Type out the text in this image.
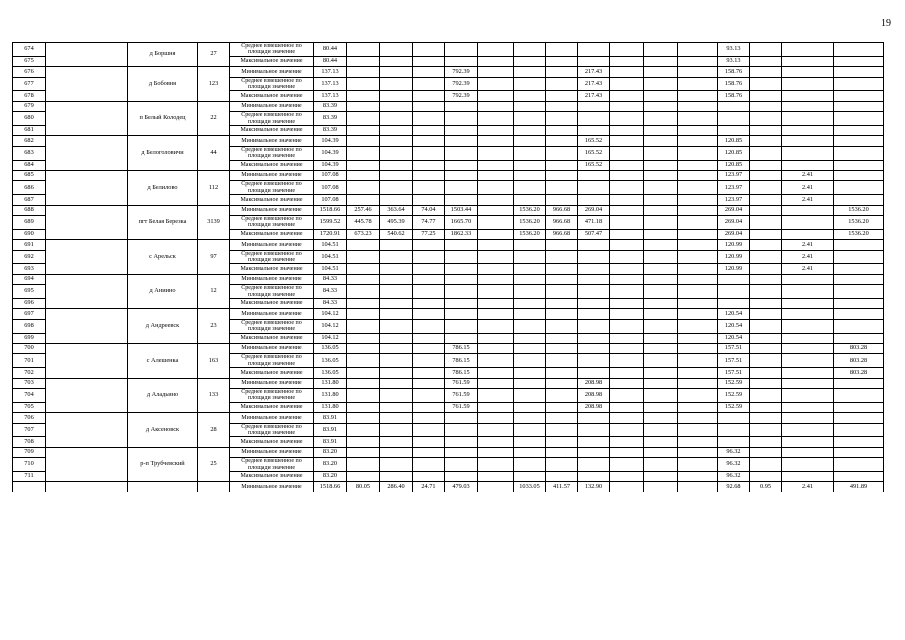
19
674		д Боршня	27	Среднее взвешенное по площади значение	80.44												93.13			
675				Максимальное значение	80.44												93.13			
676		д Бобовня	123	Минимальное значение	137.13				792.39				217.43				158.76			
677				Среднее взвешенное по площади значение	137.13				792.39				217.43				158.76			
678				Максимальное значение	137.13				792.39				217.43				158.76			
679		п Белый Колодец	22	Минимальное значение	83.39															
680				Среднее взвешенное по площади значение	83.39															
681				Максимальное значение	83.39															
682		д Белоголовичи	44	Минимальное значение	104.39								165.52				120.85			
683				Среднее взвешенное по площади значение	104.39								165.52				120.85			
684				Максимальное значение	104.39								165.52				120.85			
685		д Белилово	112	Минимальное значение	107.08												123.97		2.41	
686				Среднее взвешенное по площади значение	107.08												123.97		2.41	
687				Максимальное значение	107.08												123.97		2.41	
688		пгт Белая Березка	3139	Минимальное значение	1518.66	257.46	363.64	74.04	1503.44		1536.20	966.68	269.04				269.04			1536.20
689				Среднее взвешенное по площади значение	1599.52	445.78	495.39	74.77	1665.70		1536.20	966.68	471.18				269.04			1536.20
690				Максимальное значение	1720.91	673.23	540.62	77.25	1862.33		1536.20	966.68	507.47				269.04			1536.20
691		с Арельск	97	Минимальное значение	104.51												120.99		2.41	
692				Среднее взвешенное по площади значение	104.51												120.99		2.41	
693				Максимальное значение	104.51												120.99		2.41	
694		д Аниино	12	Минимальное значение	84.33															
695				Среднее взвешенное по площади значение	84.33															
696				Максимальное значение	84.33															
697		д Андреевск	23	Минимальное значение	104.12												120.54			
698				Среднее взвешенное по площади значение	104.12												120.54			
699				Максимальное значение	104.12												120.54			
700		с Алешенка	163	Минимальное значение	136.05				786.15								157.51			803.28
701				Среднее взвешенное по площади значение	136.05				786.15								157.51			803.28
702				Максимальное значение	136.05				786.15								157.51			803.28
703		д Аладьино	133	Минимальное значение	131.80				761.59				208.98				152.59			
704				Среднее взвешенное по площади значение	131.80				761.59				208.98				152.59			
705				Максимальное значение	131.80				761.59				208.98				152.59			
706		д Аксеновск	28	Минимальное значение	83.91															
707				Среднее взвешенное по площади значение	83.91															
708				Максимальное значение	83.91															
709		р-п Трубчевский	25	Минимальное значение	83.20												96.32			
710				Среднее взвешенное по площади значение	83.20												96.32			
711				Максимальное значение	83.20												96.32			
				Минимальное значение	1518.66	80.05	286.40	24.71	479.03		1033.05	411.57	132.90				92.68	0.95	2.41	491.89
